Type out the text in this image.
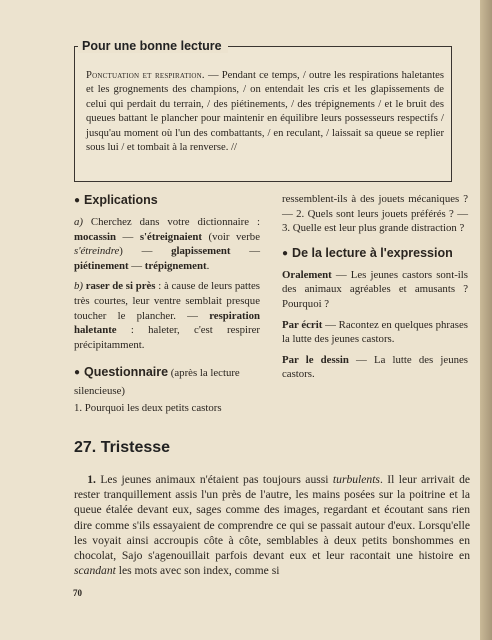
Pour une bonne lecture
Ponctuation et respiration. — Pendant ce temps, / outre les respirations haletantes et les grognements des champions, / on entendait les cris et les glapissements de celui qui perdait du terrain, / des piétinements, / des trépignements / et le bruit des queues battant le plancher pour maintenir en équilibre leurs possesseurs respectifs / jusqu'au moment où l'un des combattants, / en reculant, / laissait sa queue se replier sous lui / et tombait à la renverse. //
● Explications

a) Cherchez dans votre dictionnaire : mocassin — s'étreignaient (voir verbe s'étreindre) — glapissement — piétinement — trépignement.

b) raser de si près : à cause de leurs pattes très courtes, leur ventre semblait presque toucher le plancher. — respiration haletante : haleter, c'est respirer précipitamment.

● Questionnaire (après la lecture silencieuse)

1. Pourquoi les deux petits castors

ressemblent-ils à des jouets mécaniques ? — 2. Quels sont leurs jouets préférés ? — 3. Quelle est leur plus grande distraction ?

● De la lecture à l'expression

Oralement — Les jeunes castors sont-ils des animaux agréables et amusants ? Pourquoi ?

Par écrit — Racontez en quelques phrases la lutte des jeunes castors.

Par le dessin — La lutte des jeunes castors.

27. Tristesse
1. Les jeunes animaux n'étaient pas toujours aussi turbulents. Il leur arrivait de rester tranquillement assis l'un près de l'autre, les mains posées sur la poitrine et la queue étalée devant eux, sages comme des images, regardant et écoutant sans rien dire comme s'ils essayaient de comprendre ce qui se passait autour d'eux. Lorsqu'elle les voyait ainsi accroupis côte à côte, semblables à deux petits bonshommes en chocolat, Sajo s'agenouillait parfois devant eux et leur racontait une histoire en scandant les mots avec son index, comme si
70
